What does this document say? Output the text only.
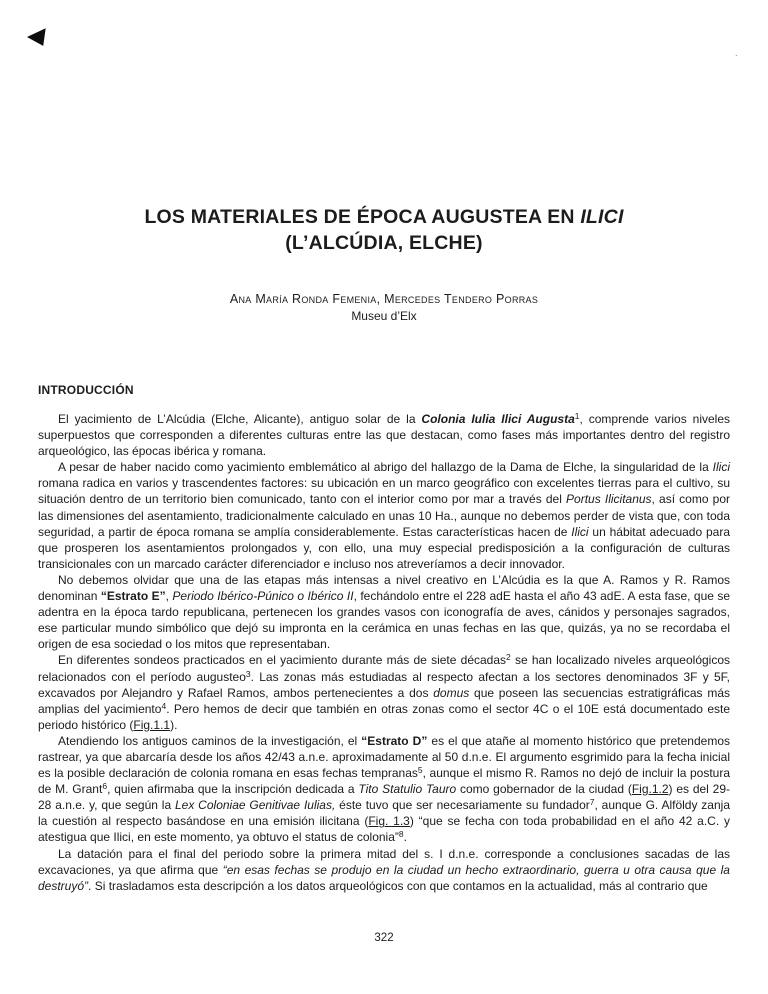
◀
·
LOS MATERIALES DE ÉPOCA AUGUSTEA EN ILICI
(L’ALCÚDIA, ELCHE)
Ana María Ronda Femenia, Mercedes Tendero Porras
Museu d’Elx
INTRODUCCIÓN

El yacimiento de L’Alcúdia (Elche, Alicante), antiguo solar de la Colonia Iulia Ilici Augusta$^1$, comprende varios niveles superpuestos que corresponden a diferentes culturas entre las que destacan, como fases más importantes dentro del registro arqueológico, las épocas ibérica y romana.

A pesar de haber nacido como yacimiento emblemático al abrigo del hallazgo de la Dama de Elche, la singularidad de la Ilici romana radica en varios y trascendentes factores: su ubicación en un marco geográfico con excelentes tierras para el cultivo, su situación dentro de un territorio bien comunicado, tanto con el interior como por mar a través del Portus Ilicitanus, así como por las dimensiones del asentamiento, tradicionalmente calculado en unas 10 Ha., aunque no debemos perder de vista que, con toda seguridad, a partir de época romana se amplía considerablemente. Estas características hacen de Ilici un hábitat adecuado para que prosperen los asentamientos prolongados y, con ello, una muy especial predisposición a la configuración de culturas transicionales con un marcado carácter diferenciador e incluso nos atreveríamos a decir innovador.

No debemos olvidar que una de las etapas más intensas a nivel creativo en L’Alcúdia es la que A. Ramos y R. Ramos denominan “Estrato E”, Periodo Ibérico-Púnico o Ibérico II, fechándolo entre el 228 adE hasta el año 43 adE. A esta fase, que se adentra en la época tardo republicana, pertenecen los grandes vasos con iconografía de aves, cánidos y personajes sagrados, ese particular mundo simbólico que dejó su impronta en la cerámica en unas fechas en las que, quizás, ya no se recordaba el origen de esa sociedad o los mitos que representaban.

En diferentes sondeos practicados en el yacimiento durante más de siete décadas$^2$ se han localizado niveles arqueológicos relacionados con el período augusteo$^3$. Las zonas más estudiadas al respecto afectan a los sectores denominados 3F y 5F, excavados por Alejandro y Rafael Ramos, ambos pertenecientes a dos domus que poseen las secuencias estratigráficas más amplias del yacimiento$^4$. Pero hemos de decir que también en otras zonas como el sector 4C o el 10E está documentado este periodo histórico (Fig.1.1).

Atendiendo los antiguos caminos de la investigación, el “Estrato D” es el que atañe al momento histórico que pretendemos rastrear, ya que abarcaría desde los años 42/43 a.n.e. aproximadamente al 50 d.n.e. El argumento esgrimido para la fecha inicial es la posible declaración de colonia romana en esas fechas tempranas$^5$, aunque el mismo R. Ramos no dejó de incluir la postura de M. Grant$^6$, quien afirmaba que la inscripción dedicada a Tito Statulio Tauro como gobernador de la ciudad (Fig.1.2) es del 29-28 a.n.e. y, que según la Lex Coloniae Genitivae Iulias, éste tuvo que ser necesariamente su fundador$^7$, aunque G. Alföldy zanja la cuestión al respecto basándose en una emisión ilicitana (Fig. 1.3) “que se fecha con toda probabilidad en el año 42 a.C. y atestigua que Ilici, en este momento, ya obtuvo el status de colonia”$^8$.

La datación para el final del periodo sobre la primera mitad del s. I d.n.e. corresponde a conclusiones sacadas de las excavaciones, ya que afirma que “en esas fechas se produjo en la ciudad un hecho extraordinario, guerra u otra causa que la destruyó”. Si trasladamos esta descripción a los datos arqueológicos con que contamos en la actualidad, más al contrario que

322
